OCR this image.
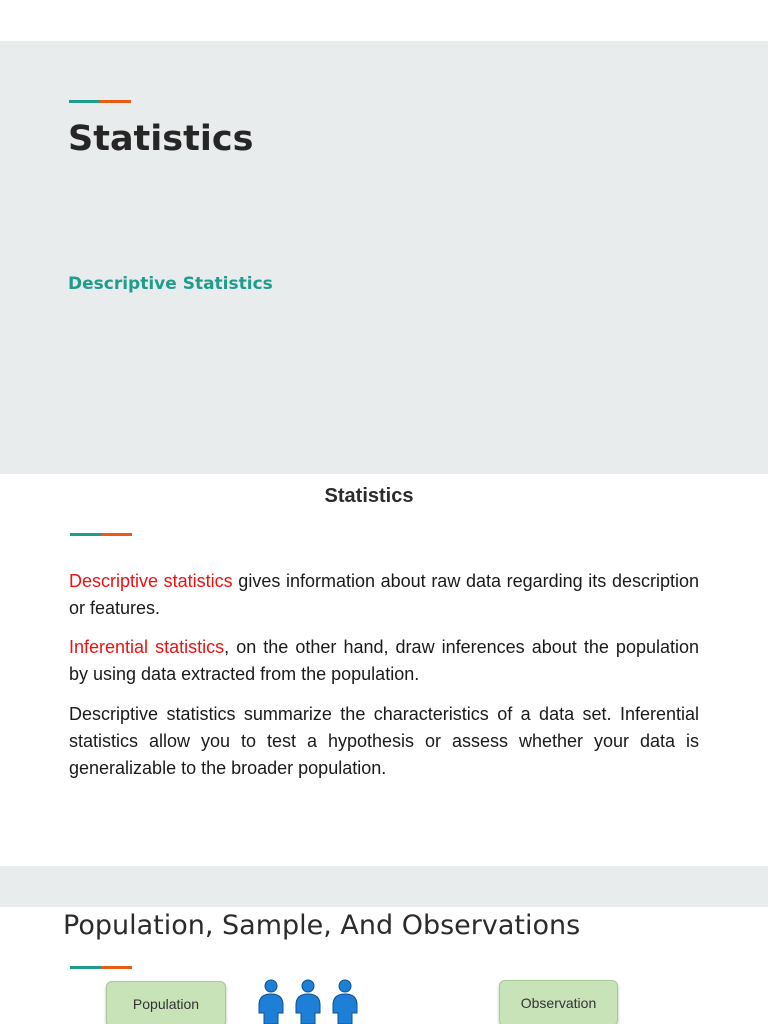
Statistics

Descriptive Statistics

Statistics

Descriptive statistics gives information about raw data regarding its description or features.

Inferential statistics, on the other hand, draw inferences about the population by using data extracted from the population.

Descriptive statistics summarize the characteristics of a data set. Inferential statistics allow you to test a hypothesis or assess whether your data is generalizable to the broader population.

Population, Sample, And Observations
Population	Observation
